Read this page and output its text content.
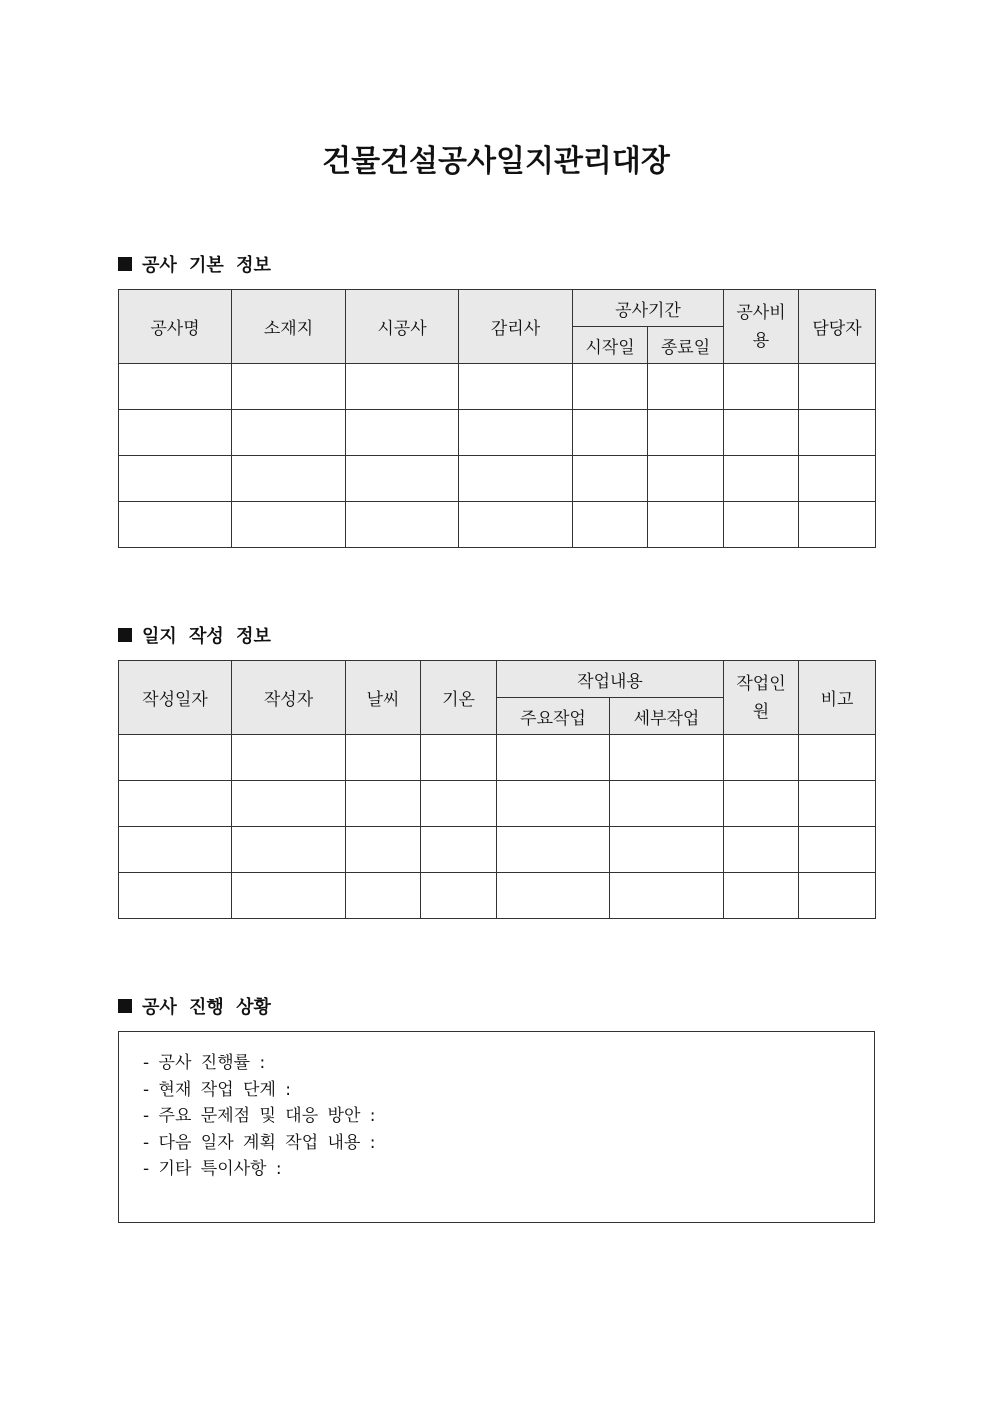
건물건설공사일지관리대장
공사 기본 정보
공사명	소재지	시공사	감리사	공사기간		공사비용	담당자
				시작일	종료일		

일지 작성 정보
작성일자	작성자	날씨	기온	작업내용		작업인원	비고
				주요작업	세부작업		

공사 진행 상황
- 공사 진행률 :
- 현재 작업 단계 :
- 주요 문제점 및 대응 방안 :
- 다음 일자 계획 작업 내용 :
- 기타 특이사항 :
